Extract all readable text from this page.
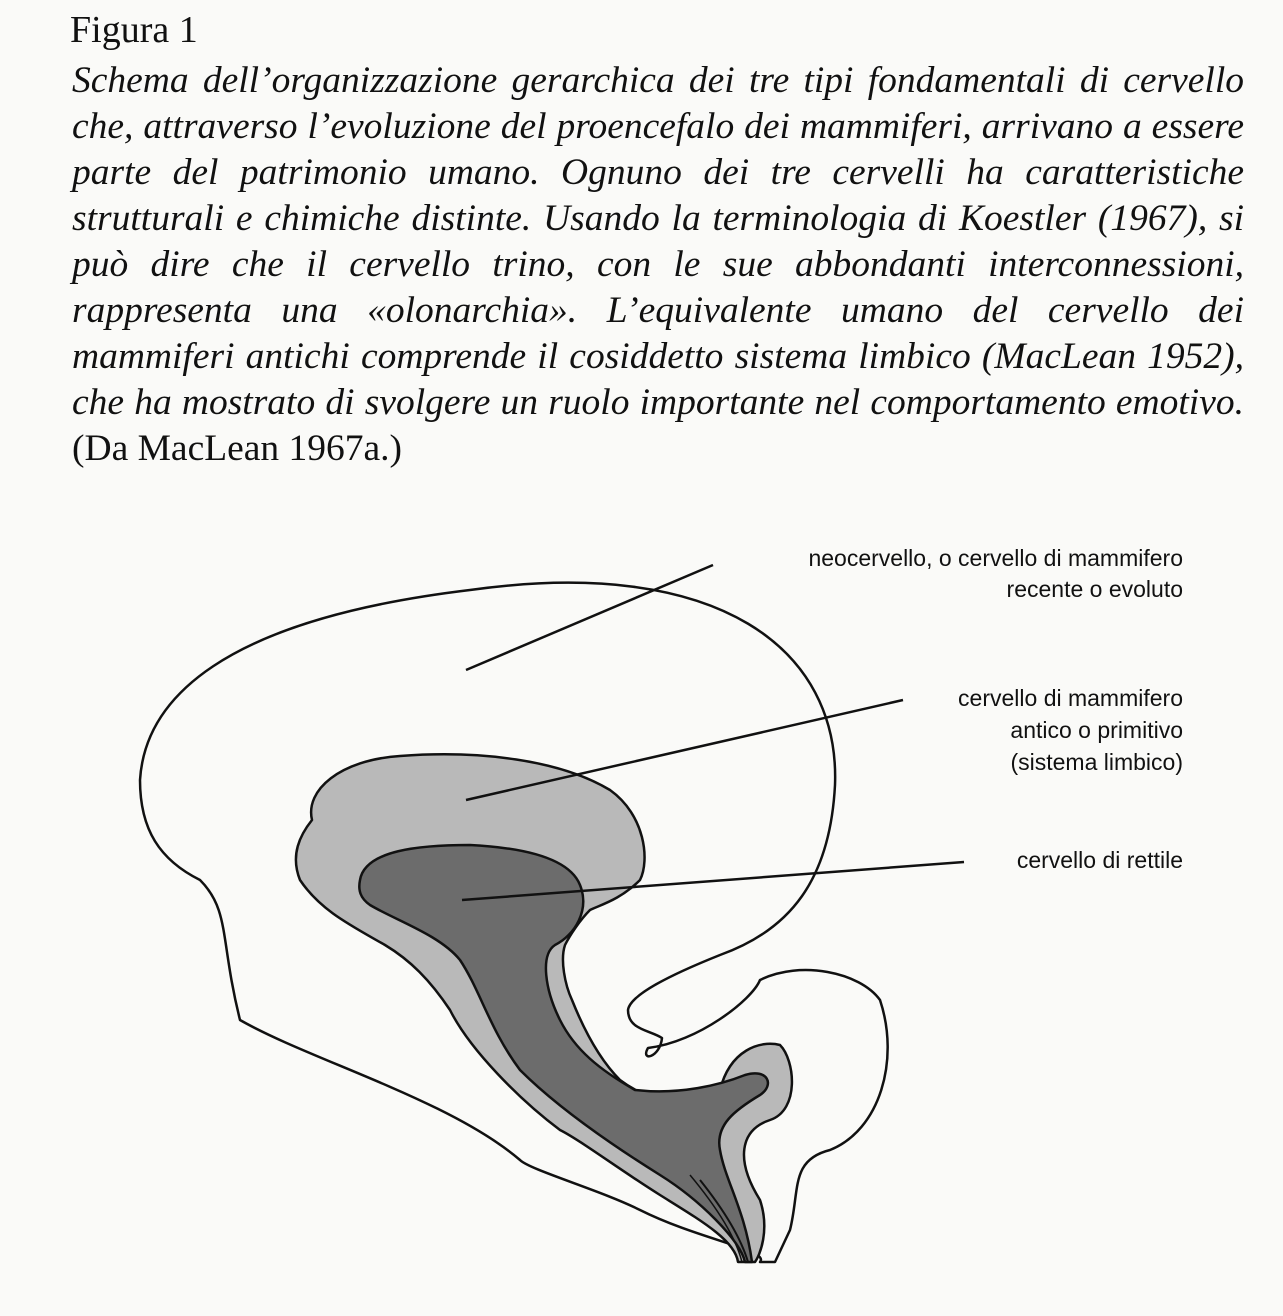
neocervello, o cervello di mammifero
recente o evoluto
cervello di mammifero
antico o primitivo
(sistema limbico)
cervello di rettile
Figura 1

Schema dell’organizzazione gerarchica dei tre tipi fondamentali di cervello che, attraverso l’evoluzione del proencefalo dei mammiferi, arrivano a essere parte del patrimonio umano. Ognuno dei tre cervelli ha caratteristiche strutturali e chimiche distinte. Usando la terminologia di Koestler (1967), si può dire che il cervello trino, con le sue abbondanti interconnessioni, rappresenta una «olonarchia». L’equivalente umano del cervello dei mammiferi antichi comprende il cosiddetto sistema limbico (MacLean 1952), che ha mostrato di svolgere un ruolo importante nel comportamento emotivo. (Da MacLean 1967a.)
